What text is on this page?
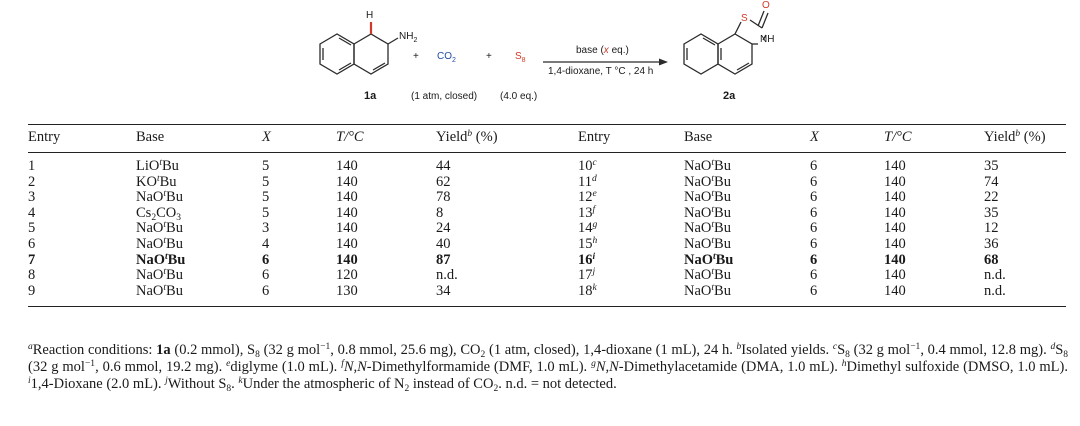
H
$NH_2$
+ $CO_2$	+ $S_8$
base (x eq.)
1,4-dioxane, T °C , 24 h
S
O
NH
1a	(1 atm, closed) (4.0 eq.)	2a
Entry	Base	X	T/°C	Yield$^b$ (%)	Entry	Base	X	T/°C	Yield$^b$ (%)
1	LiO$^t$Bu	5	140	44	10$^c$	NaO$^t$Bu	6	140	35
2	$KO^tBu$	5	140	62	11$^d$	NaO$^t$Bu	6	140	74
3	NaO$^t$Bu	5	140	78	12e	NaO$^t$Bu	6	140	22
4	$Cs_2CO_3$	5	140	8	13$^f$	NaO$^t$Bu	6	140	35
5	NaO$^t$Bu	3	140	24	14$^g$	NaO$^t$Bu	6	140	12
6	NaO$^t$Bu	4	140	40	15$^h$	NaO$^t$Bu	6	140	36
7	NaO$^t$Bu	6	140	87	16$^i$	NaO$^t$Bu	6	140	68
8	NaO$^t$Bu	6	120	n.d.	17$^j$	NaO$^t$Bu	6	140	n.d.
9	NaO$^t$Bu	6	130	34	18$^k$	NaO$^t$Bu	6	140	n.d.
$^a$Reaction conditions: 1a (0.2 mmol), $S_8$ (32 g mol$^{-1}$, 0.8 mmol, 25.6 mg), $CO_2$ (1 atm, closed), 1,4-dioxane (1 mL), 24 h. $^b$Isolated yields. $^cS_8$ (32 g mol$^{-1}$, 0.4 mmol, 12.8 mg). $^dS_8$ (32 g mol$^{-1}$, 0.6 mmol, 19.2 mg). $^e$diglyme (1.0 mL). $^f$N,N-Dimethylformamide (DMF, 1.0 mL). $^g$N,N-Dimethylacetamide (DMA, 1.0 mL). $^h$Dimethyl sulfoxide (DMSO, 1.0 mL). $^i$1,4-Dioxane (2.0 mL). $^j$Without $S_8$. $^k$Under the atmospheric of $N_2$ instead of $CO_2$. n.d. = not detected.
